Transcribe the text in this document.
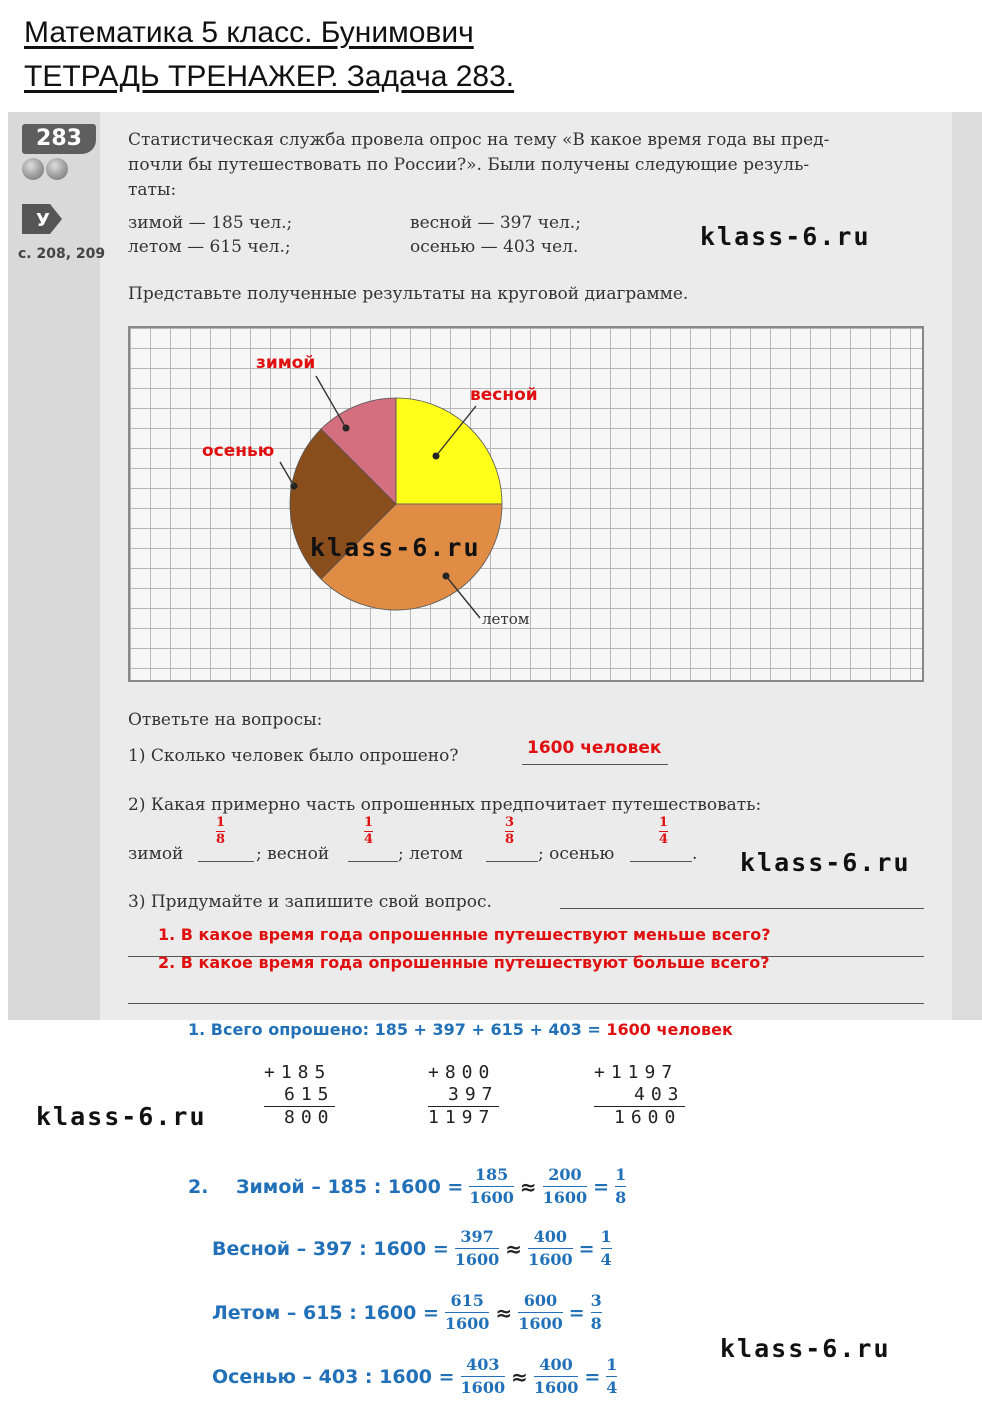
Математика 5 класс. Бунимович
ТЕТРАДЬ ТРЕНАЖЕР. Задача 283.
283
У
с. 208, 209
Статистическая служба провела опрос на тему «В какое время года вы пред-
почли бы путешествовать по России?». Были получены следующие резуль-
таты:
зимой — 185 чел.;	весной — 397 чел.;
летом — 615 чел.;	осенью — 403 чел.	klass-6.ru
Представьте полученные результаты на круговой диаграмме.
весной
летом
осенью
зимой
klass-6.ru
Ответьте на вопросы:
1) Сколько человек было опрошено?	1600 человек
2) Какая примерно часть опрошенных предпочитает путешествовать:
зимой	; весной	; летом	; осенью	.
1
8
1
4
3
8
1
4
klass-6.ru
3) Придумайте и запишите свой вопрос.
1. В какое время года опрошенные путешествуют меньше всего?
2. В какое время года опрошенные путешествуют больше всего?
1. Всего опрошено: 185 + 397 + 615 + 403 = 1600 человек
+185
615
800
+800
397
1197
+1197
403
1600
klass-6.ru
Зимой – 185 : 1600 =
185
1600 ≈
200
1600 =
1
8
Весной – 397 : 1600 =
397
1600 ≈
400
1600 =
1
4
Летом – 615 : 1600 =
615
1600 ≈
600
1600 =
3
8
Осенью – 403 : 1600 =
403
1600 ≈
400
1600 =
1
4
2.
klass-6.ru
